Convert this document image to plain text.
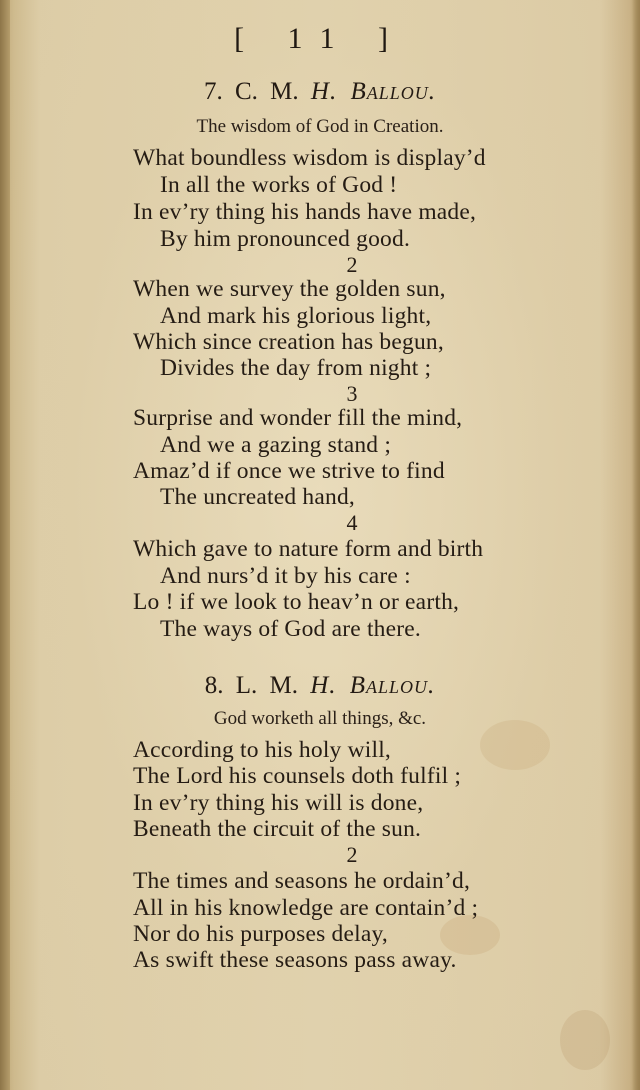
[ 11 ]
7. C. M. H. Ballou.
The wisdom of God in Creation.
What boundless wisdom is display’d
In all the works of God !
In ev’ry thing his hands have made,
By him pronounced good.
2
When we survey the golden sun,
And mark his glorious light,
Which since creation has begun,
Divides the day from night ;
3
Surprise and wonder fill the mind,
And we a gazing stand ;
Amaz’d if once we strive to find
The uncreated hand,
4
Which gave to nature form and birth
And nurs’d it by his care :
Lo ! if we look to heav’n or earth,
The ways of God are there.
8. L. M. H. Ballou.
God worketh all things, &c.
According to his holy will,
The Lord his counsels doth fulfil ;
In ev’ry thing his will is done,
Beneath the circuit of the sun.
2
The times and seasons he ordain’d,
All in his knowledge are contain’d ;
Nor do his purposes delay,
As swift these seasons pass away.
